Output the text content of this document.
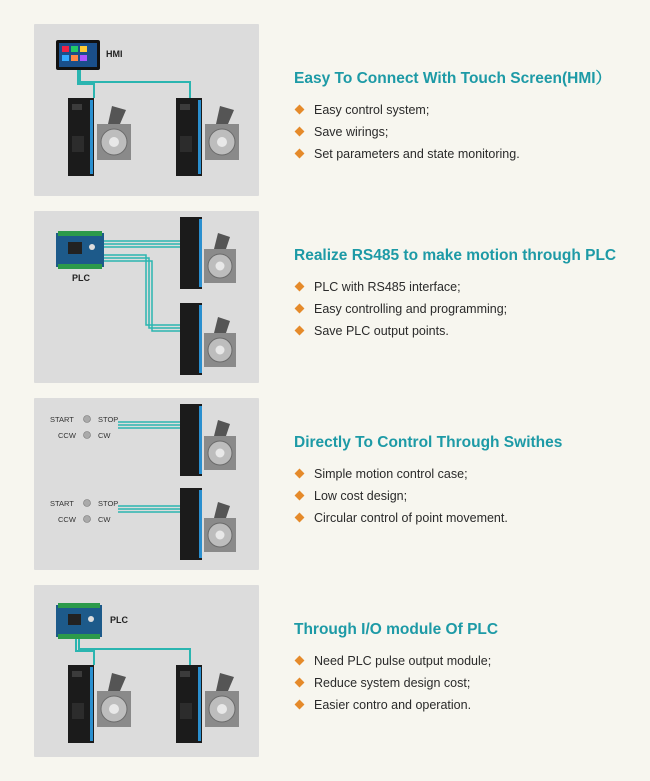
HMI
Easy To Connect With Touch Screen(HMI）
Easy control system;
Save wirings;
Set parameters and state monitoring.
PLC
Realize RS485 to make motion through PLC
PLC with RS485 interface;
Easy controlling and programming;
Save PLC output points.
START
CCW
STOP
CW
START
CCW
STOP
CW
Directly To Control Through Swithes
Simple motion control case;
Low cost design;
Circular control of point movement.
PLC
Through I/O module Of PLC
Need PLC pulse output module;
Reduce system design cost;
Easier contro and operation.
